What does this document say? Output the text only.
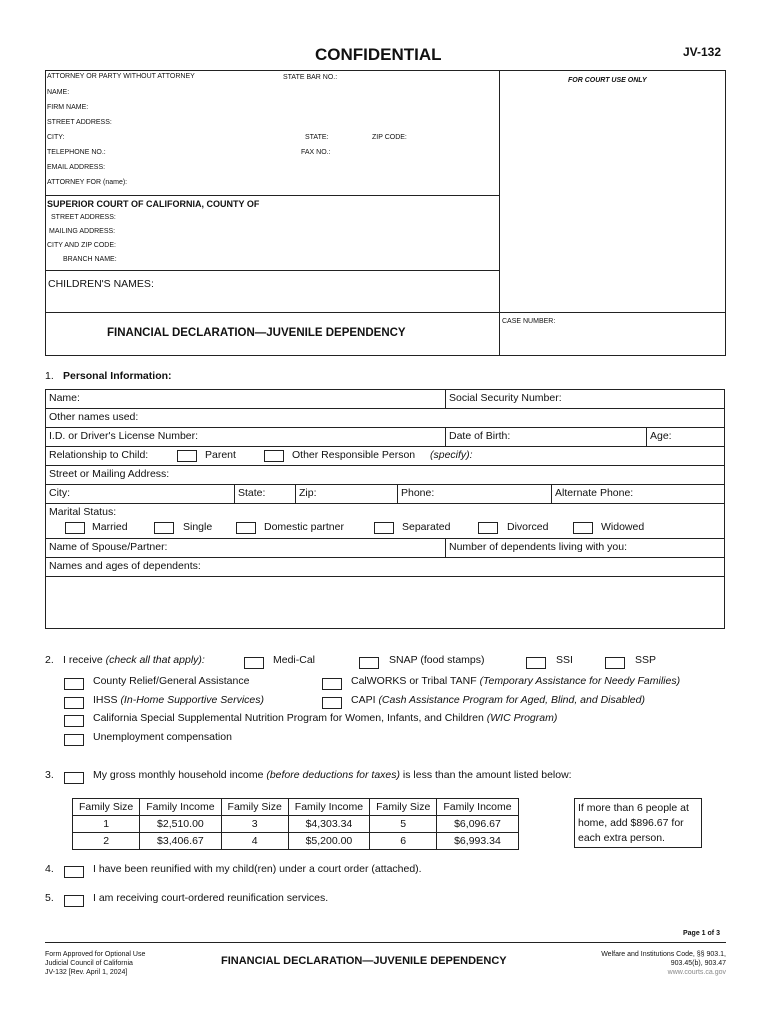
CONFIDENTIAL	JV-132
ATTORNEY OR PARTY WITHOUT ATTORNEY	STATE BAR NO.:	FOR COURT USE ONLY
NAME:
FIRM NAME:
STREET ADDRESS:
CITY:	STATE:	ZIP CODE:
TELEPHONE NO.:	FAX NO.:
EMAIL ADDRESS:
ATTORNEY FOR (name):
SUPERIOR COURT OF CALIFORNIA, COUNTY OF
STREET ADDRESS:
MAILING ADDRESS:
CITY AND ZIP CODE:
BRANCH NAME:
CHILDREN'S NAMES:
FINANCIAL DECLARATION—JUVENILE DEPENDENCY
CASE NUMBER:
1. Personal Information:
Name:	Social Security Number:
Other names used:
I.D. or Driver's License Number:	Date of Birth:	Age:
Relationship to Child:	Parent	Other Responsible Person (specify):
Street or Mailing Address:
City:	State:	Zip:	Phone:	Alternate Phone:
Marital Status:
Married	Single	Domestic partner	Separated	Divorced	Widowed
Name of Spouse/Partner:	Number of dependents living with you:
Names and ages of dependents:
2. I receive (check all that apply):	Medi-Cal	SNAP (food stamps)	SSI	SSP
County Relief/General Assistance	CalWORKS or Tribal TANF (Temporary Assistance for Needy Families)
IHSS (In-Home Supportive Services)	CAPI (Cash Assistance Program for Aged, Blind, and Disabled)
California Special Supplemental Nutrition Program for Women, Infants, and Children (WIC Program)
Unemployment compensation
3.	My gross monthly household income (before deductions for taxes) is less than the amount listed below:
Family Size	Family Income	Family Size	Family Income	Family Size	Family Income
1	$2,510.00	3	$4,303.34	5	$6,096.67
2	$3,406.67	4	$5,200.00	6	$6,993.34
If more than 6 people at
home, add $896.67 for
each extra person.
4.	I have been reunified with my child(ren) under a court order (attached).
5.	I am receiving court-ordered reunification services.
Page 1 of 3
Form Approved for Optional Use
Judicial Council of California
JV-132 [Rev. April 1, 2024]
FINANCIAL DECLARATION—JUVENILE DEPENDENCY
Welfare and Institutions Code, §§ 903.1,
903.45(b), 903.47
www.courts.ca.gov
